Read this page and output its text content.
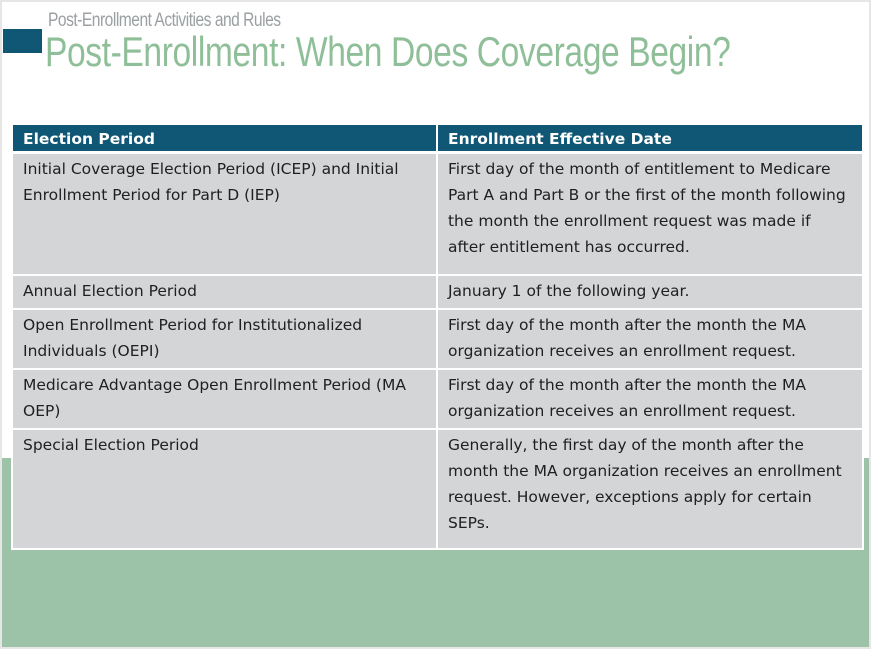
Post-Enrollment Activities and Rules
Post-Enrollment: When Does Coverage Begin?
Election Period	Enrollment Effective Date
Initial Coverage Election Period (ICEP) and Initial Enrollment Period for Part D (IEP)	First day of the month of entitlement to Medicare Part A and Part B or the first of the month following the month the enrollment request was made if after entitlement has occurred.
Annual Election Period	January 1 of the following year.
Open Enrollment Period for Institutionalized Individuals (OEPI)	First day of the month after the month the MA organization receives an enrollment request.
Medicare Advantage Open Enrollment Period (MA OEP)	First day of the month after the month the MA organization receives an enrollment request.
Special Election Period	Generally, the first day of the month after the month the MA organization receives an enrollment request. However, exceptions apply for certain SEPs.
